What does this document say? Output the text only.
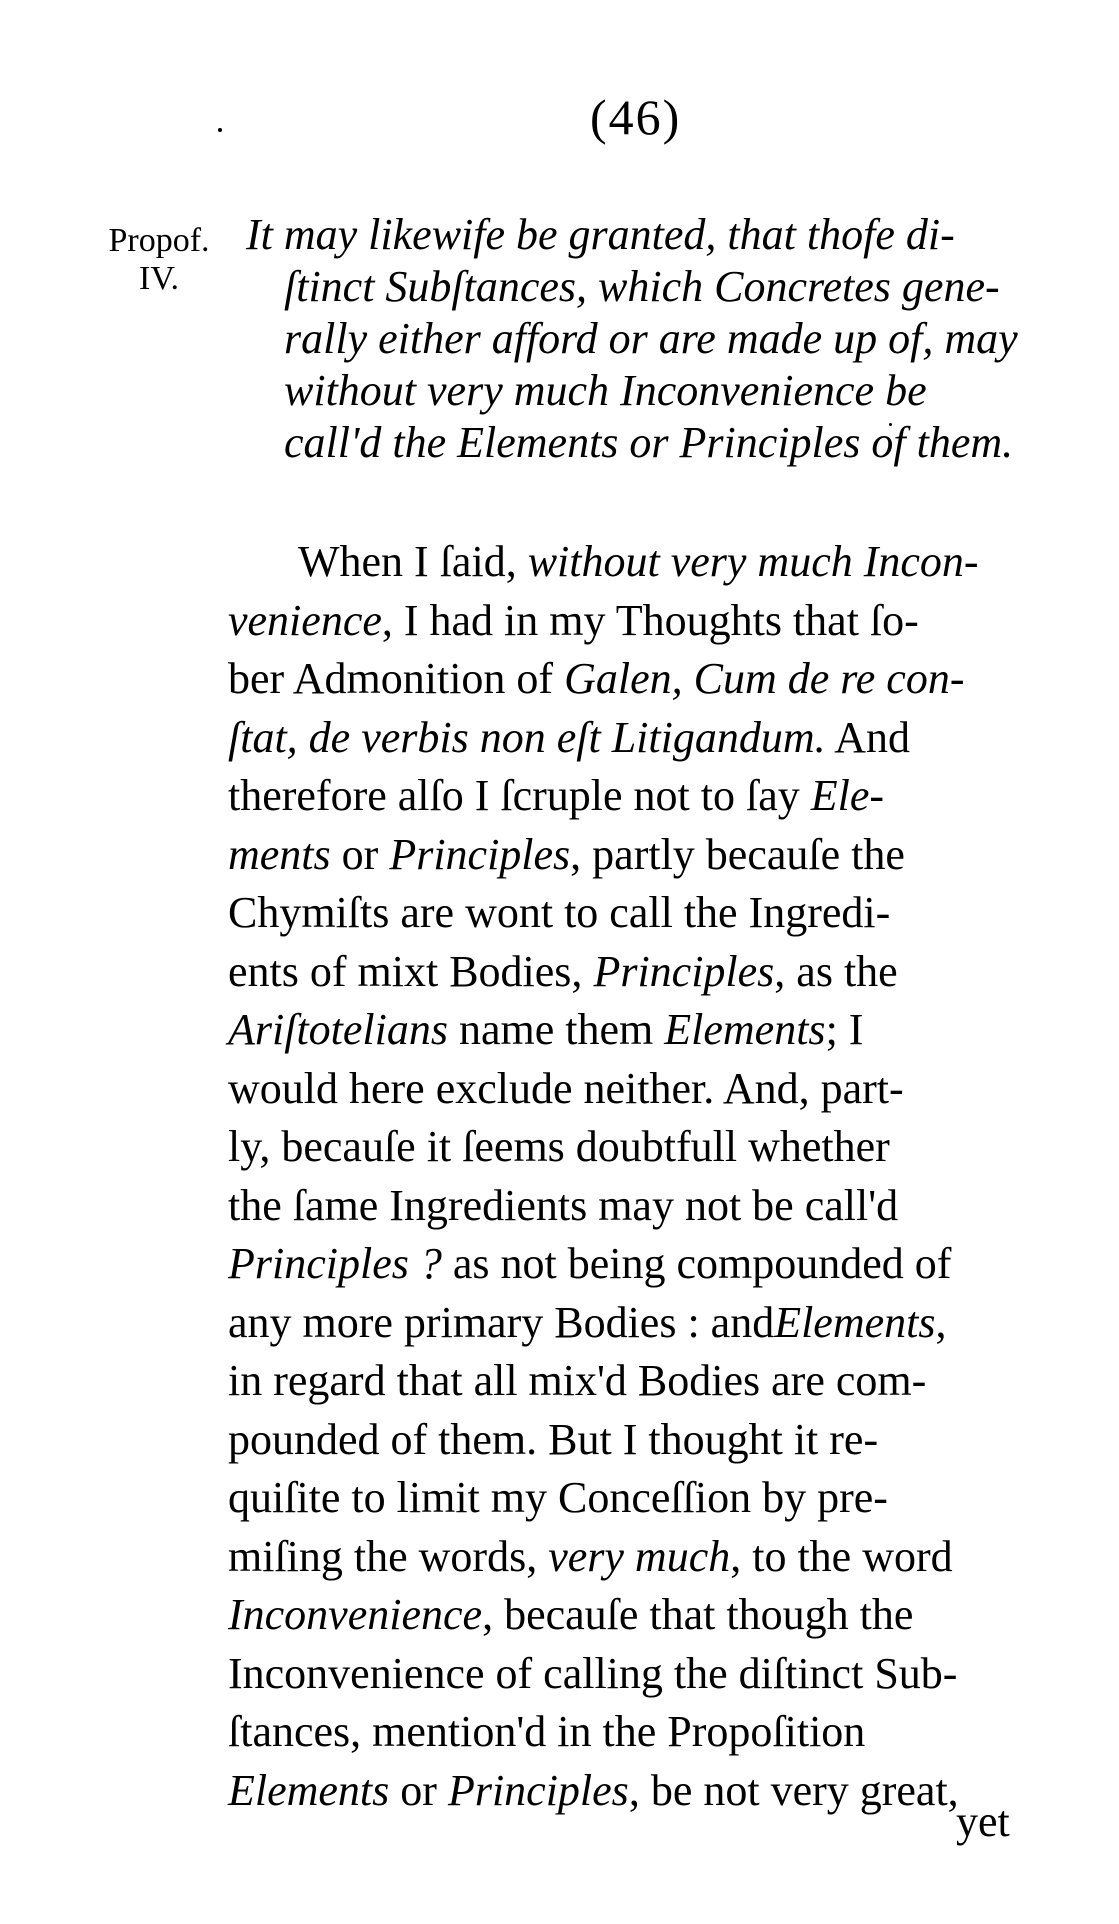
(46)
Propof.
IV.
It may likewife be granted, that thofe di-
ſtinct Subſtances, which Concretes gene-
rally either afford or are made up of, may
without very much Inconvenience be
call'd the Elements or Principles of them.
When I ſaid, without very much Incon-
venience, I had in my Thoughts that ſo-
ber Admonition of Galen, Cum de re con-
ſtat, de verbis non eſt Litigandum. And
therefore alſo I ſcruple not to ſay Ele-
ments or Principles, partly becauſe the
Chymiſts are wont to call the Ingredi-
ents of mixt Bodies, Principles, as the
Ariſtotelians name them Elements; I
would here exclude neither. And, part-
ly, becauſe it ſeems doubtfull whether
the ſame Ingredients may not be call'd
Principles ? as not being compounded of
any more primary Bodies : andElements,
in regard that all mix'd Bodies are com-
pounded of them. But I thought it re-
quiſite to limit my Conceſſion by pre-
miſing the words, very much, to the word
Inconvenience, becauſe that though the
Inconvenience of calling the diſtinct Sub-
ſtances, mention'd in the Propoſition
Elements or Principles, be not very great,
yet
